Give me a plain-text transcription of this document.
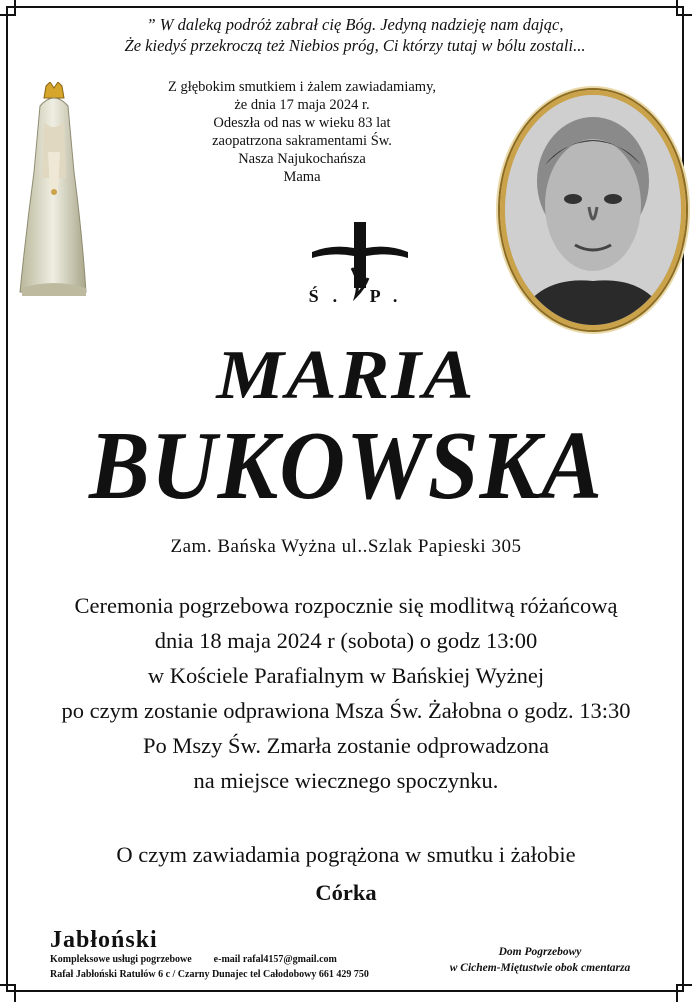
” W daleką podróż zabrał cię Bóg. Jedyną nadzieję nam dając,
Że kiedyś przekroczą też Niebios próg, Ci którzy tutaj w bólu zostali...
Z głębokim smutkiem i żalem zawiadamiamy,
że dnia 17 maja 2024 r.
Odeszła od nas w wieku 83 lat
zaopatrzona sakramentami Św.
Nasza Najukochańsza
Mama
Ś. P.
MARIA
BUKOWSKA
Zam. Bańska Wyżna ul..Szlak Papieski 305
Ceremonia pogrzebowa rozpocznie się modlitwą różańcową
dnia 18 maja 2024 r (sobota) o godz 13:00
w Kościele Parafialnym w Bańskiej Wyżnej
po czym zostanie odprawiona Msza Św. Żałobna o godz. 13:30
Po Mszy Św. Zmarła zostanie odprowadzona
na miejsce wiecznego spoczynku.
O czym zawiadamia pogrążona w smutku i żałobie
Córka
Jabłoński
Kompleksowe usługi pogrzebowe e-mail rafal4157@gmail.com
Rafał Jabłoński Ratułów 6 c / Czarny Dunajec tel Całodobowy 661 429 750
Dom Pogrzebowy
w Cichem-Miętustwie obok cmentarza
